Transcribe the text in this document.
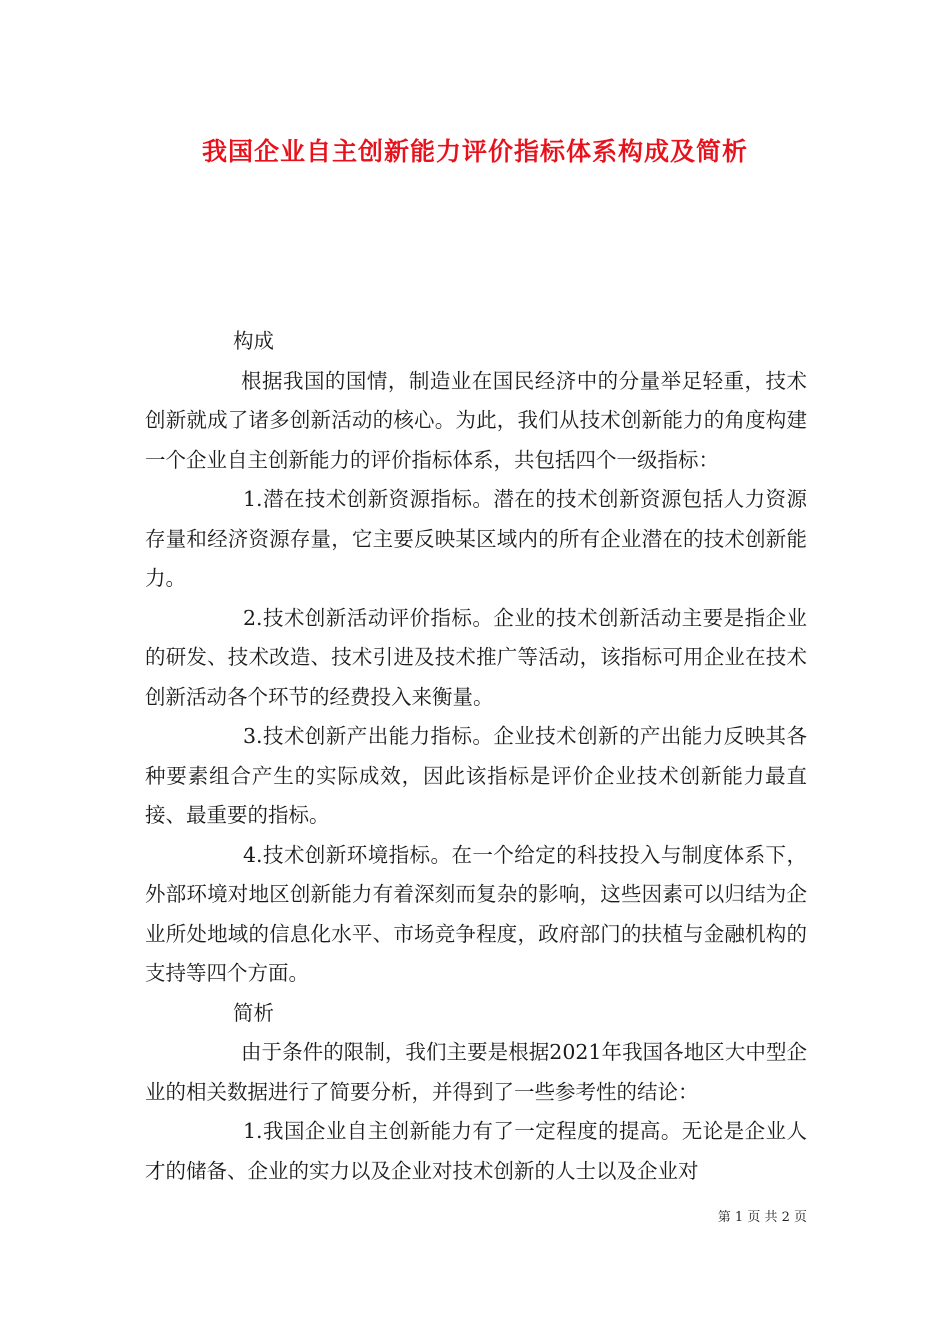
我国企业自主创新能力评价指标体系构成及简析

构成

根据我国的国情，制造业在国民经济中的分量举足轻重，技术创新就成了诸多创新活动的核心。为此，我们从技术创新能力的角度构建一个企业自主创新能力的评价指标体系，共包括四个一级指标：

1.潜在技术创新资源指标。潜在的技术创新资源包括人力资源存量和经济资源存量，它主要反映某区域内的所有企业潜在的技术创新能力。

2.技术创新活动评价指标。企业的技术创新活动主要是指企业的研发、技术改造、技术引进及技术推广等活动，该指标可用企业在技术创新活动各个环节的经费投入来衡量。

3.技术创新产出能力指标。企业技术创新的产出能力反映其各种要素组合产生的实际成效，因此该指标是评价企业技术创新能力最直接、最重要的指标。

4.技术创新环境指标。在一个给定的科技投入与制度体系下，外部环境对地区创新能力有着深刻而复杂的影响，这些因素可以归结为企业所处地域的信息化水平、市场竞争程度，政府部门的扶植与金融机构的支持等四个方面。

简析

由于条件的限制，我们主要是根据2021年我国各地区大中型企业的相关数据进行了简要分析，并得到了一些参考性的结论：

1.我国企业自主创新能力有了一定程度的提高。无论是企业人才的储备、企业的实力以及企业对技术创新的人士以及企业对

第 1 页 共 2 页
